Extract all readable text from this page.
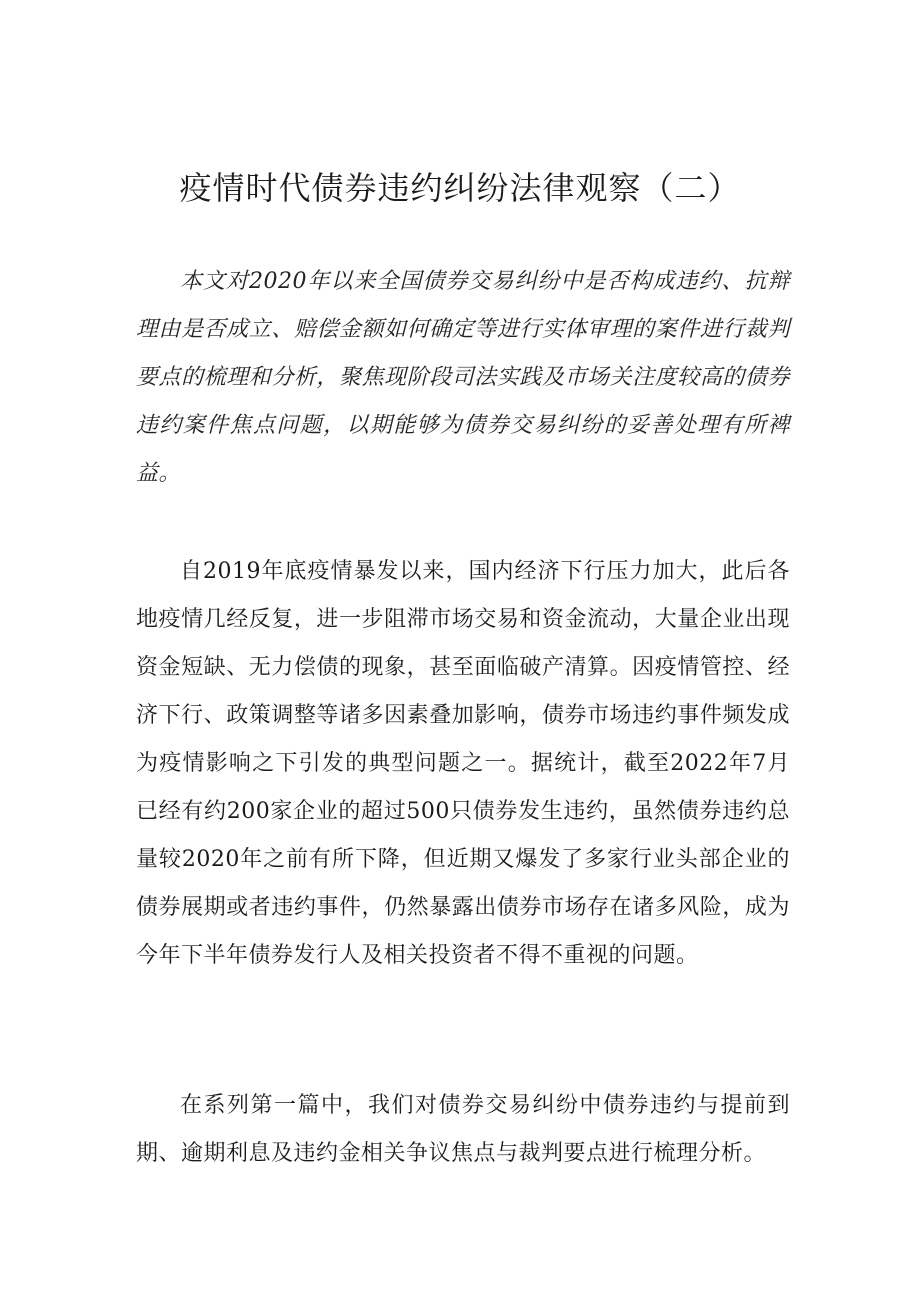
疫情时代债券违约纠纷法律观察（二）

本文对2020年以来全国债券交易纠纷中是否构成违约、抗辩理由是否成立、赔偿金额如何确定等进行实体审理的案件进行裁判要点的梳理和分析，聚焦现阶段司法实践及市场关注度较高的债券违约案件焦点问题，以期能够为债券交易纠纷的妥善处理有所裨益。

自2019年底疫情暴发以来，国内经济下行压力加大，此后各地疫情几经反复，进一步阻滞市场交易和资金流动，大量企业出现资金短缺、无力偿债的现象，甚至面临破产清算。因疫情管控、经济下行、政策调整等诸多因素叠加影响，债券市场违约事件频发成为疫情影响之下引发的典型问题之一。据统计，截至2022年7月已经有约200家企业的超过500只债券发生违约，虽然债券违约总量较2020年之前有所下降，但近期又爆发了多家行业头部企业的债券展期或者违约事件，仍然暴露出债券市场存在诸多风险，成为今年下半年债券发行人及相关投资者不得不重视的问题。

在系列第一篇中，我们对债券交易纠纷中债券违约与提前到期、逾期利息及违约金相关争议焦点与裁判要点进行梳理分析。
